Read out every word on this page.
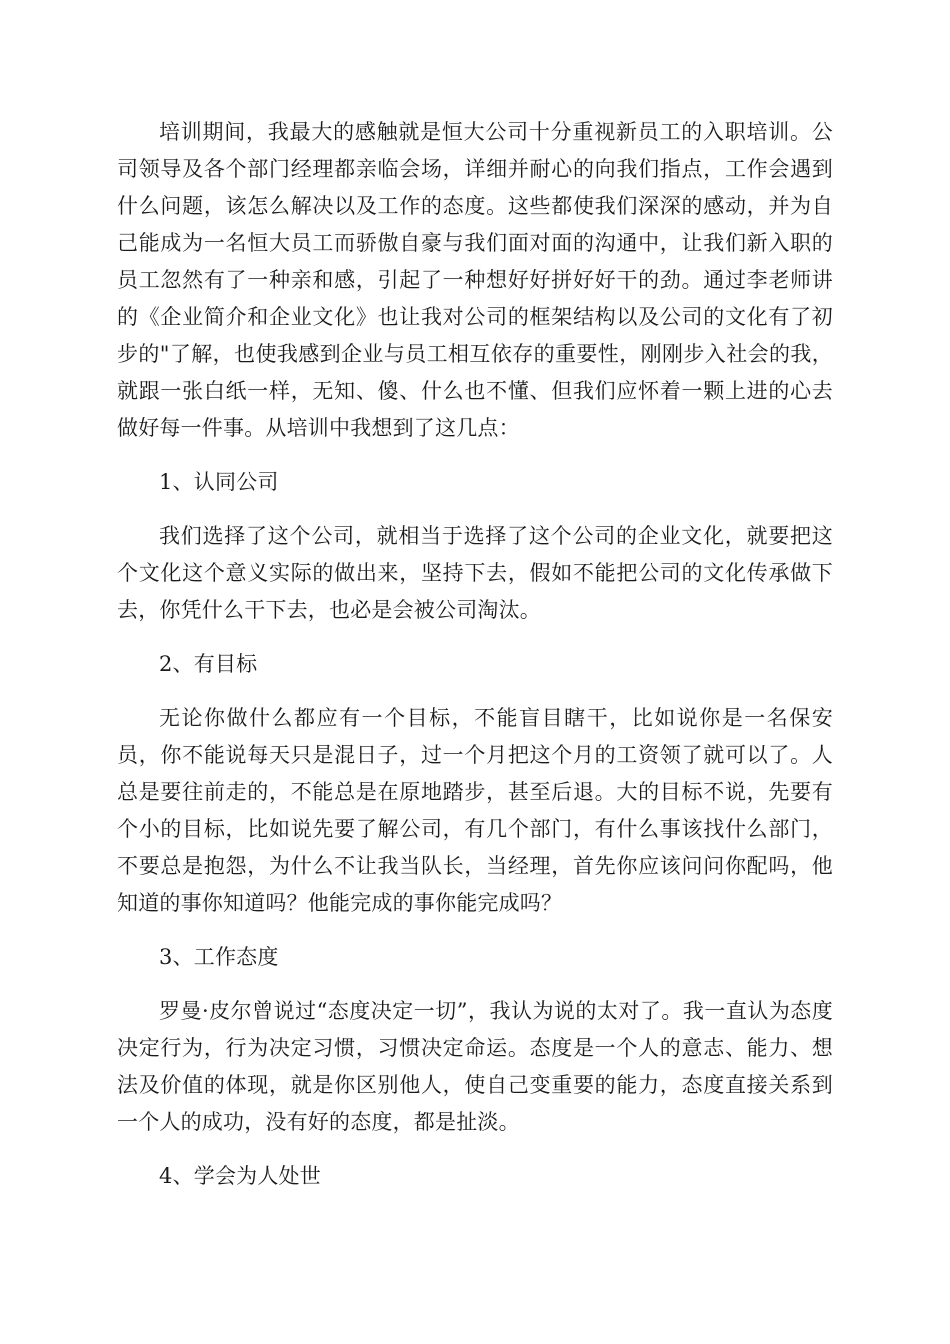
培训期间，我最大的感触就是恒大公司十分重视新员工的入职培训。公司领导及各个部门经理都亲临会场，详细并耐心的向我们指点，工作会遇到什么问题，该怎么解决以及工作的态度。这些都使我们深深的感动，并为自己能成为一名恒大员工而骄傲自豪与我们面对面的沟通中，让我们新入职的员工忽然有了一种亲和感，引起了一种想好好拼好好干的劲。通过李老师讲的《企业简介和企业文化》也让我对公司的框架结构以及公司的文化有了初步的"了解，也使我感到企业与员工相互依存的重要性，刚刚步入社会的我，就跟一张白纸一样，无知、傻、什么也不懂、但我们应怀着一颗上进的心去做好每一件事。从培训中我想到了这几点：

1、认同公司

我们选择了这个公司，就相当于选择了这个公司的企业文化，就要把这个文化这个意义实际的做出来，坚持下去，假如不能把公司的文化传承做下去，你凭什么干下去，也必是会被公司淘汰。

2、有目标

无论你做什么都应有一个目标，不能盲目瞎干，比如说你是一名保安员，你不能说每天只是混日子，过一个月把这个月的工资领了就可以了。人总是要往前走的，不能总是在原地踏步，甚至后退。大的目标不说，先要有个小的目标，比如说先要了解公司，有几个部门，有什么事该找什么部门，不要总是抱怨，为什么不让我当队长，当经理，首先你应该问问你配吗，他知道的事你知道吗？他能完成的事你能完成吗？

3、工作态度

罗曼·皮尔曾说过“态度决定一切”，我认为说的太对了。我一直认为态度决定行为，行为决定习惯，习惯决定命运。态度是一个人的意志、能力、想法及价值的体现，就是你区别他人，使自己变重要的能力，态度直接关系到一个人的成功，没有好的态度，都是扯淡。

4、学会为人处世
